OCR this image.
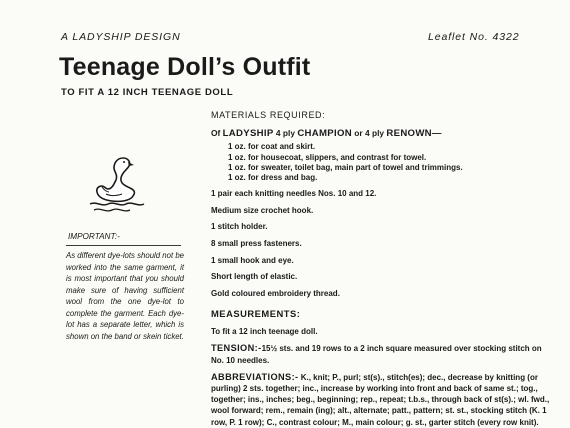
A LADYSHIP DESIGN	Leaflet No. 4322
Teenage Doll’s Outfit
TO FIT A 12 INCH TEENAGE DOLL
IMPORTANT:-
As different dye-lots should not be worked into the same garment, it is most important that you should make sure of having sufficient wool from the one dye-lot to complete the garment. Each dye-lot has a separate letter, which is shown on the band or skein ticket.
MATERIALS REQUIRED:
Of LADYSHIP 4 ply CHAMPION or 4 ply RENOWN—
1 oz. for coat and skirt.
1 oz. for housecoat, slippers, and contrast for towel.
1 oz. for sweater, toilet bag, main part of towel and trimmings.
1 oz. for dress and bag.
1 pair each knitting needles Nos. 10 and 12.
Medium size crochet hook.
1 stitch holder.
8 small press fasteners.
1 small hook and eye.
Short length of elastic.
Gold coloured embroidery thread.
MEASUREMENTS:
To fit a 12 inch teenage doll.
TENSION:-15½ sts. and 19 rows to a 2 inch square measured over stocking stitch on No. 10 needles.
ABBREVIATIONS:- K., knit; P., purl; st(s)., stitch(es); dec., decrease by knitting (or purling) 2 sts. together; inc., increase by working into front and back of same st.; tog., together; ins., inches; beg., beginning; rep., repeat; t.b.s., through back of st(s).; wl. fwd., wool forward; rem., remain (ing); alt., alternate; patt., pattern; st. st., stocking stitch (K. 1 row, P. 1 row); C., contrast colour; M., main colour; g. st., garter stitch (every row knit).
